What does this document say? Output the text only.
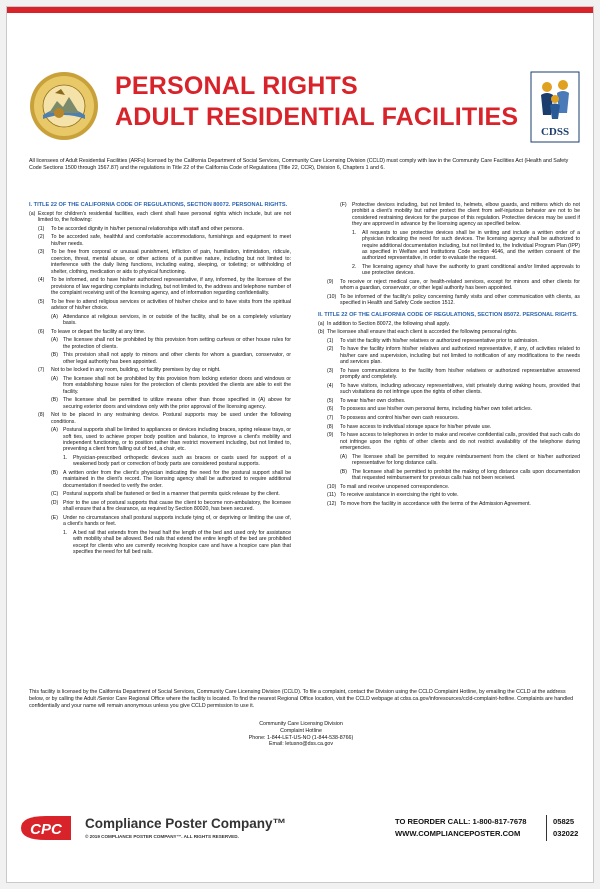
PERSONAL RIGHTS
ADULT RESIDENTIAL FACILITIES
CDSS
All licensees of Adult Residential Facilities (ARFs) licensed by the California Department of Social Services, Community Care Licensing Division (CCLD) must comply with law in the Community Care Facilities Act (Health and Safety Code Sections 1500 through 1567.87) and the regulations in Title 22 of the California Code of Regulations (Title 22, CCR), Division 6, Chapters 1 and 6.
I. TITLE 22 OF THE CALIFORNIA CODE OF REGULATIONS, SECTION 80072. PERSONAL RIGHTS.
(a) Except for children's residential facilities, each client shall have personal rights which include, but are not limited to, the following:
(1)	To be accorded dignity in his/her personal relationships with staff and other persons.
(2)	To be accorded safe, healthful and comfortable accommodations, furnishings and equipment to meet his/her needs.
(3)	To be free from corporal or unusual punishment, infliction of pain, humiliation, intimidation, ridicule, coercion, threat, mental abuse, or other actions of a punitive nature, including but not limited to: interference with the daily living functions, including eating, sleeping, or toileting; or withholding of shelter, clothing, medication or aids to physical functioning.
(4)	To be informed, and to have his/her authorized representative, if any, informed, by the licensee of the provisions of law regarding complaints including, but not limited to, the address and telephone number of the complaint receiving unit of the licensing agency, and of information regarding confidentiality.
(5)	To be free to attend religious services or activities of his/her choice and to have visits from the spiritual advisor of his/her choice.
(A) Attendance at religious services, in or outside of the facility, shall be on a completely voluntary basis.
(6)	To leave or depart the facility at any time.
(A) The licensee shall not be prohibited by this provision from setting curfews or other house rules for the protection of clients.
(B) This provision shall not apply to minors and other clients for whom a guardian, conservator, or other legal authority has been appointed.
(7)	Not to be locked in any room, building, or facility premises by day or night.
(A) The licensee shall not be prohibited by this provision from locking exterior doors and windows or from establishing house rules for the protection of clients provided the clients are able to exit the facility.
(B) The licensee shall be permitted to utilize means other than those specified in (A) above for securing exterior doors and windows only with the prior approval of the licensing agency.
(8)	Not to be placed in any restraining device. Postural supports may be used under the following conditions.
(A) Postural supports shall be limited to appliances or devices including braces, spring release trays, or soft ties, used to achieve proper body position and balance, to improve a client's mobility and independent functioning, or to position rather than restrict movement including, but not limited to, preventing a client from falling out of bed, a chair, etc.
1.	Physician-prescribed orthopedic devices such as braces or casts used for support of a weakened body part or correction of body parts are considered postural supports.
(B) A written order from the client's physician indicating the need for the postural support shall be maintained in the client's record. The licensing agency shall be authorized to require additional documentation if needed to verify the order.
(C) Postural supports shall be fastened or tied in a manner that permits quick release by the client.
(D) Prior to the use of postural supports that cause the client to become non-ambulatory, the licensee shall ensure that a fire clearance, as required by Section 80020, has been secured.
(E) Under no circumstances shall postural supports include tying of, or depriving or limiting the use of, a client's hands or feet.
1.	A bed rail that extends from the head half the length of the bed and used only for assistance with mobility shall be allowed. Bed rails that extend the entire length of the bed are prohibited except for clients who are currently receiving hospice care and have a hospice care plan that specifies the need for full bed rails.
(F)	Protective devices including, but not limited to, helmets, elbow guards, and mittens which do not prohibit a client's mobility but rather protect the client from self-injurious behavior are not to be considered restraining devices for the purpose of this regulation. Protective devices may be used if they are approved in advance by the licensing agency as specified below.
1.	All requests to use protective devices shall be in writing and include a written order of a physician indicating the need for such devices. The licensing agency shall be authorized to require additional documentation including, but not limited to, the Individual Program Plan (IPP) as specified in Welfare and Institutions Code section 4646, and the written consent of the authorized representative, in order to evaluate the request.
2.	The licensing agency shall have the authority to grant conditional and/or limited approvals to use protective devices.
(9)	To receive or reject medical care, or health-related services, except for minors and other clients for whom a guardian, conservator, or other legal authority has been appointed.
(10) To be informed of the facility's policy concerning family visits and other communication with clients, as specified in Health and Safety Code section 1512.
II. TITLE 22 OF THE CALIFORNIA CODE OF REGULATIONS, SECTION 85072. PERSONAL RIGHTS.
(a) In addition to Section 80072, the following shall apply.
(b) The licensee shall ensure that each client is accorded the following personal rights.
(1)	To visit the facility with his/her relatives or authorized representative prior to admission.
(2)	To have the facility inform his/her relatives and authorized representative, if any, of activities related to his/her care and supervision, including but not limited to notification of any modifications to the needs and services plan.
(3)	To have communications to the facility from his/her relatives or authorized representative answered promptly and completely.
(4)	To have visitors, including advocacy representatives, visit privately during waking hours, provided that such visitations do not infringe upon the rights of other clients.
(5)	To wear his/her own clothes.
(6)	To possess and use his/her own personal items, including his/her own toilet articles.
(7)	To possess and control his/her own cash resources.
(8)	To have access to individual storage space for his/her private use.
(9)	To have access to telephones in order to make and receive confidential calls, provided that such calls do not infringe upon the rights of other clients and do not restrict availability of the telephone during emergencies.
(A) The licensee shall be permitted to require reimbursement from the client or his/her authorized representative for long distance calls.
(B) The licensee shall be permitted to prohibit the making of long distance calls upon documentation that requested reimbursement for previous calls has not been received.
(10) To mail and receive unopened correspondence.
(11) To receive assistance in exercising the right to vote.
(12) To move from the facility in accordance with the terms of the Admission Agreement.
This facility is licensed by the California Department of Social Services, Community Care Licensing Division (CCLD). To file a complaint, contact the Division using the CCLD Complaint Hotline, by emailing the CCLD at the address below, or by calling the Adult /Senior Care Regional Office where the facility is located. To find the nearest Regional Office location, visit the CCLD webpage at cdss.ca.gov/inforesources/ccld-complaint-hotline. Complaints are handled confidentially and your name will remain anonymous unless you give CCLD permission to use it.
Community Care Licensing Division
Complaint Hotline
Phone: 1-844-LET-US-NO (1-844-538-8766)
Email: letusno@dss.ca.gov
CPC Compliance Poster Company™
© 2019 COMPLIANCE POSTER COMPANY™. ALL RIGHTS RESERVED.
TO REORDER CALL: 1-800-817-7678
WWW.COMPLIANCEPOSTER.COM
05825
032022
